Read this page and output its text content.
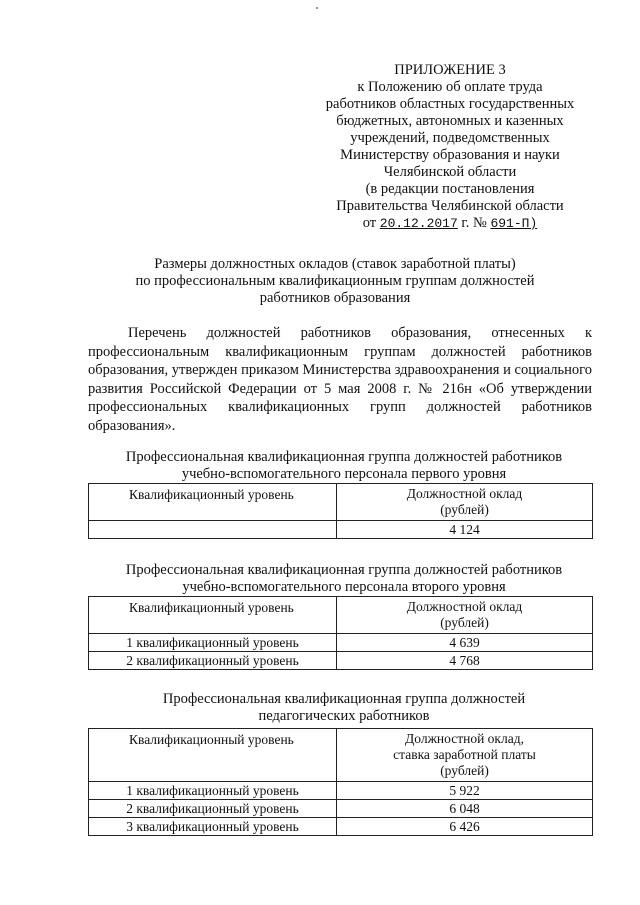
ПРИЛОЖЕНИЕ 3
к Положению об оплате труда
работников областных государственных
бюджетных, автономных и казенных
учреждений, подведомственных
Министерству образования и науки
Челябинской области
(в редакции постановления
Правительства Челябинской области
от 20.12.2017 г. № 691-П)
Размеры должностных окладов (ставок заработной платы)
по профессиональным квалификационным группам должностей
работников образования

Перечень должностей работников образования, отнесенных к профессиональным квалификационным группам должностей работников образования, утвержден приказом Министерства здравоохранения и социального развития Российской Федерации от 5 мая 2008 г. № 216н «Об утверждении профессиональных квалификационных групп должностей работников образования».

Профессиональная квалификационная группа должностей работников
учебно-вспомогательного персонала первого уровня
Квалификационный уровень	Должностной оклад
(рублей)

	4 124
Профессиональная квалификационная группа должностей работников
учебно-вспомогательного персонала второго уровня
Квалификационный уровень	Должностной оклад
(рублей)

1 квалификационный уровень	4 639
2 квалификационный уровень	4 768
Профессиональная квалификационная группа должностей
педагогических работников
Квалификационный уровень	Должностной оклад,
ставка заработной платы
(рублей)

1 квалификационный уровень	5 922
2 квалификационный уровень	6 048
3 квалификационный уровень	6 426
